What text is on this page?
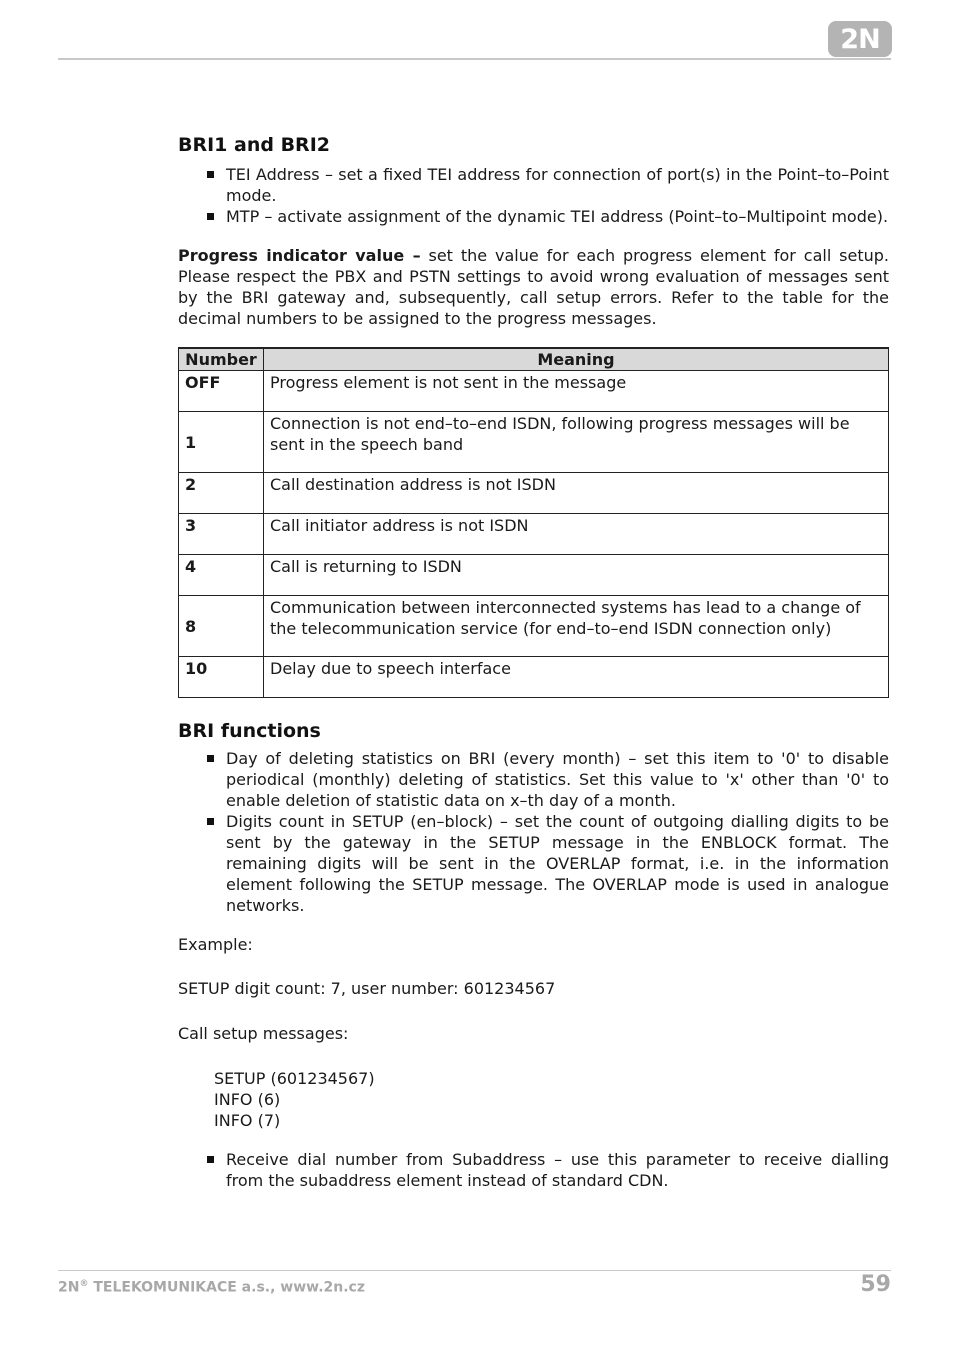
2N
BRI1 and BRI2
TEI Address – set a fixed TEI address for connection of port(s) in the Point–to–Point mode.
MTP – activate assignment of the dynamic TEI address (Point–to–Multipoint mode).

Progress indicator value – set the value for each progress element for call setup. Please respect the PBX and PSTN settings to avoid wrong evaluation of messages sent by the BRI gateway and, subsequently, call setup errors. Refer to the table for the decimal numbers to be assigned to the progress messages.

Number	Meaning
OFF	Progress element is not sent in the message
1	Connection is not end–to–end ISDN, following progress messages will be sent in the speech band
2	Call destination address is not ISDN
3	Call initiator address is not ISDN
4	Call is returning to ISDN
8	Communication between interconnected systems has lead to a change of the telecommunication service (for end–to–end ISDN connection only)
10	Delay due to speech interface
BRI functions
Day of deleting statistics on BRI (every month) – set this item to '0' to disable periodical (monthly) deleting of statistics. Set this value to 'x' other than '0' to enable deletion of statistic data on x–th day of a month.
Digits count in SETUP (en–block) – set the count of outgoing dialling digits to be sent by the gateway in the SETUP message in the ENBLOCK format. The remaining digits will be sent in the OVERLAP format, i.e. in the information element following the SETUP message. The OVERLAP mode is used in analogue networks.

Example:

SETUP digit count: 7, user number: 601234567

Call setup messages:

SETUP (601234567)
INFO (6)
INFO (7)
Receive dial number from Subaddress – use this parameter to receive dialling from the subaddress element instead of standard CDN.
2N® TELEKOMUNIKACE a.s., www.2n.cz	59
